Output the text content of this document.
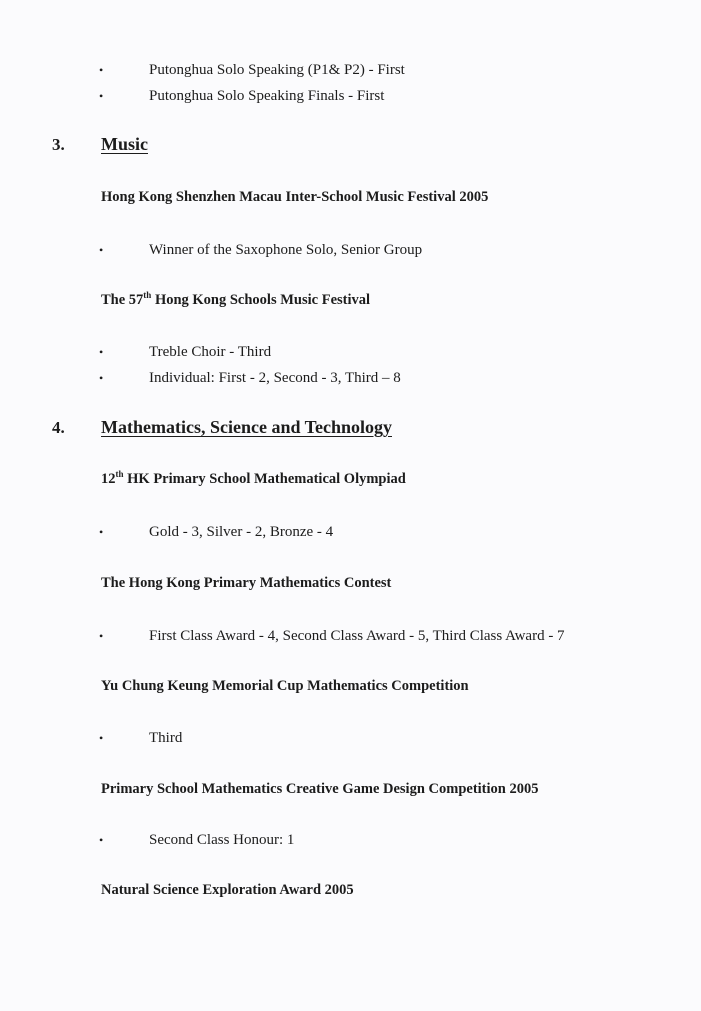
•	Putonghua Solo Speaking (P1& P2) - First
•	Putonghua Solo Speaking Finals - First
3. Music
Hong Kong Shenzhen Macau Inter-School Music Festival 2005
•	Winner of the Saxophone Solo, Senior Group
The 57th Hong Kong Schools Music Festival
•	Treble Choir - Third
•	Individual: First - 2, Second - 3, Third – 8
4. Mathematics, Science and Technology
12th HK Primary School Mathematical Olympiad
•	Gold - 3, Silver - 2, Bronze - 4
The Hong Kong Primary Mathematics Contest
•	First Class Award - 4, Second Class Award - 5, Third Class Award - 7
Yu Chung Keung Memorial Cup Mathematics Competition
•	Third
Primary School Mathematics Creative Game Design Competition 2005
•	Second Class Honour: 1
Natural Science Exploration Award 2005
